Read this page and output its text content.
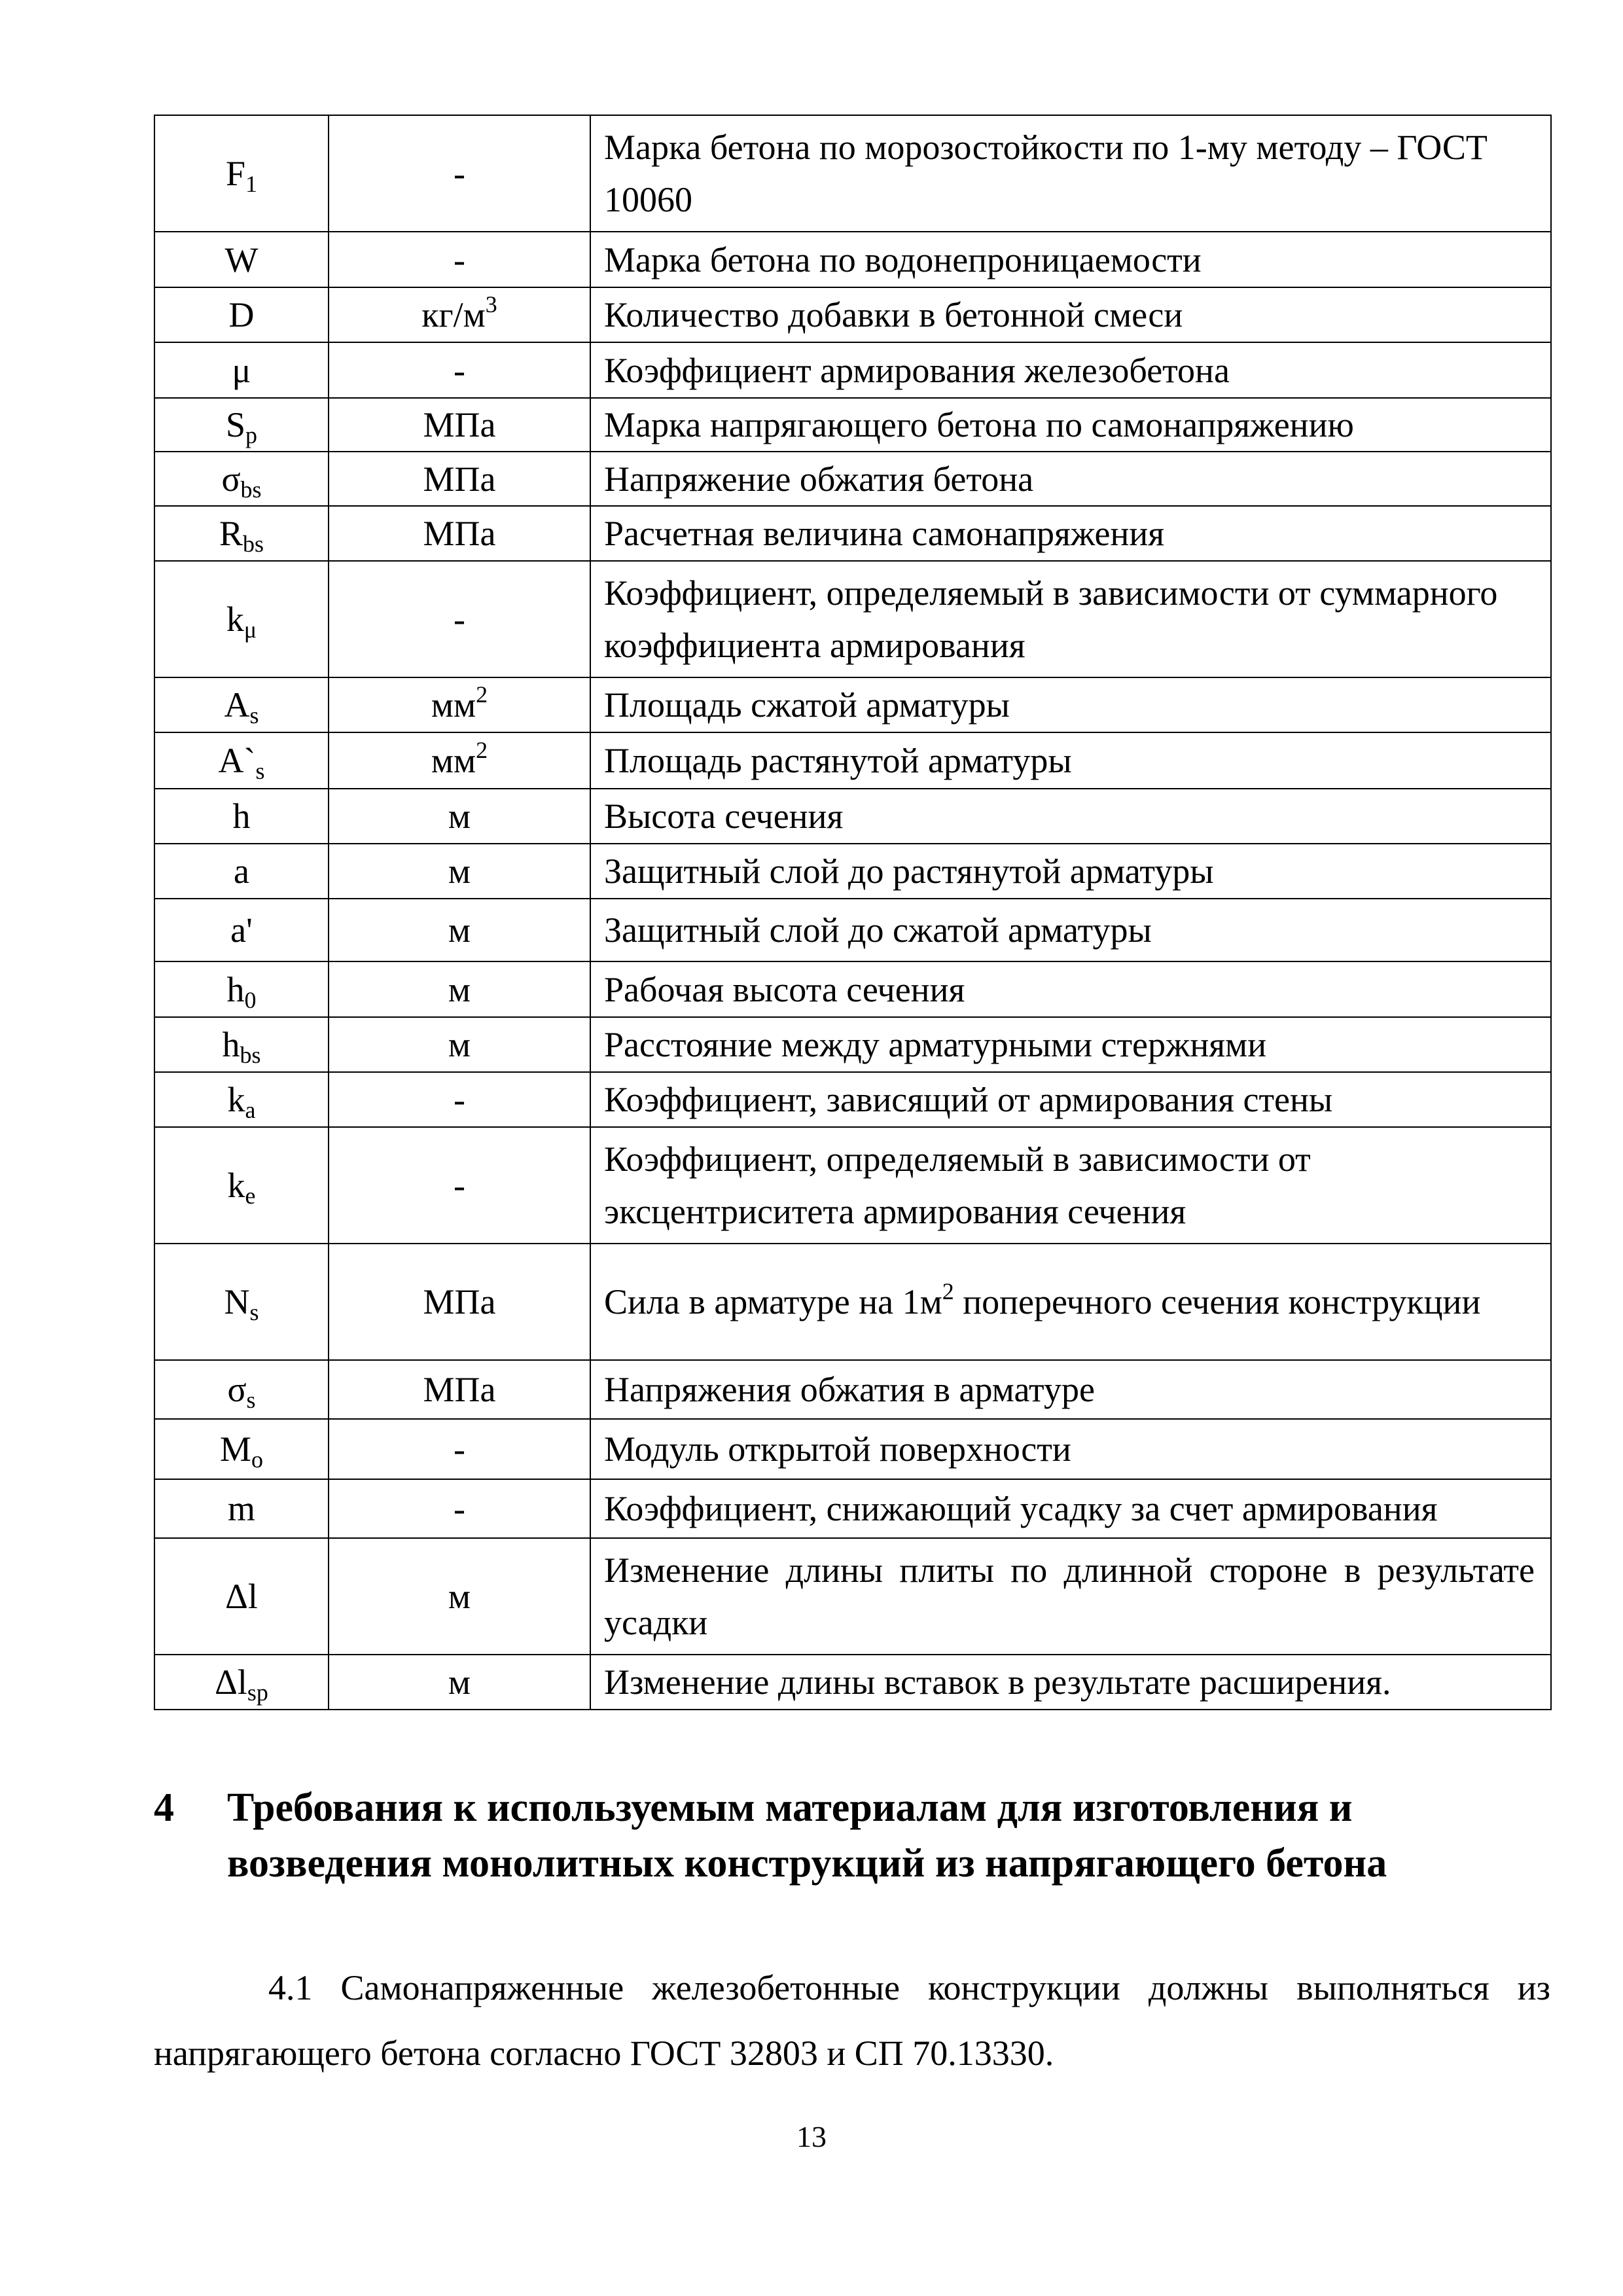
$F_1$	-	Марка бетона по морозостойкости по 1-му методу – ГОСТ 10060
W	-	Марка бетона по водонепроницаемости
D	$кг/м^3$	Количество добавки в бетонной смеси
μ	-	Коэффициент армирования железобетона
$S_p$	МПа	Марка напрягающего бетона по самонапряжению
$\sigma_{bs}$	МПа	Напряжение обжатия бетона
$R_{bs}$	МПа	Расчетная величина самонапряжения
$k_\mu$	-	Коэффициент, определяемый в зависимости от суммарного коэффициента армирования
$A_s$	$мм^2$	Площадь сжатой арматуры
$A`_s$	$мм^2$	Площадь растянутой арматуры
h	м	Высота сечения
a	м	Защитный слой до растянутой арматуры
a'	м	Защитный слой до сжатой арматуры
$h_0$	м	Рабочая высота сечения
$h_{bs}$	м	Расстояние между арматурными стержнями
$k_a$	-	Коэффициент, зависящий от армирования стены
$k_e$	-	Коэффициент, определяемый в зависимости от эксцентриситета армирования сечения
$N_s$	МПа	Сила в арматуре на $1м^2$ поперечного сечения конструкции
$\sigma_s$	МПа	Напряжения обжатия в арматуре
$M_o$	-	Модуль открытой поверхности
m	-	Коэффициент, снижающий усадку за счет армирования
Δl	м	Изменение длины плиты по длинной стороне в результате усадки
$\Delta l_{sp}$	м	Изменение длины вставок в результате расширения.
4 Требования к используемым материалам для изготовления и возведения монолитных конструкций из напрягающего бетона

4.1 Самонапряженные железобетонные конструкции должны выполняться из напрягающего бетона согласно ГОСТ 32803 и СП 70.13330.

13
